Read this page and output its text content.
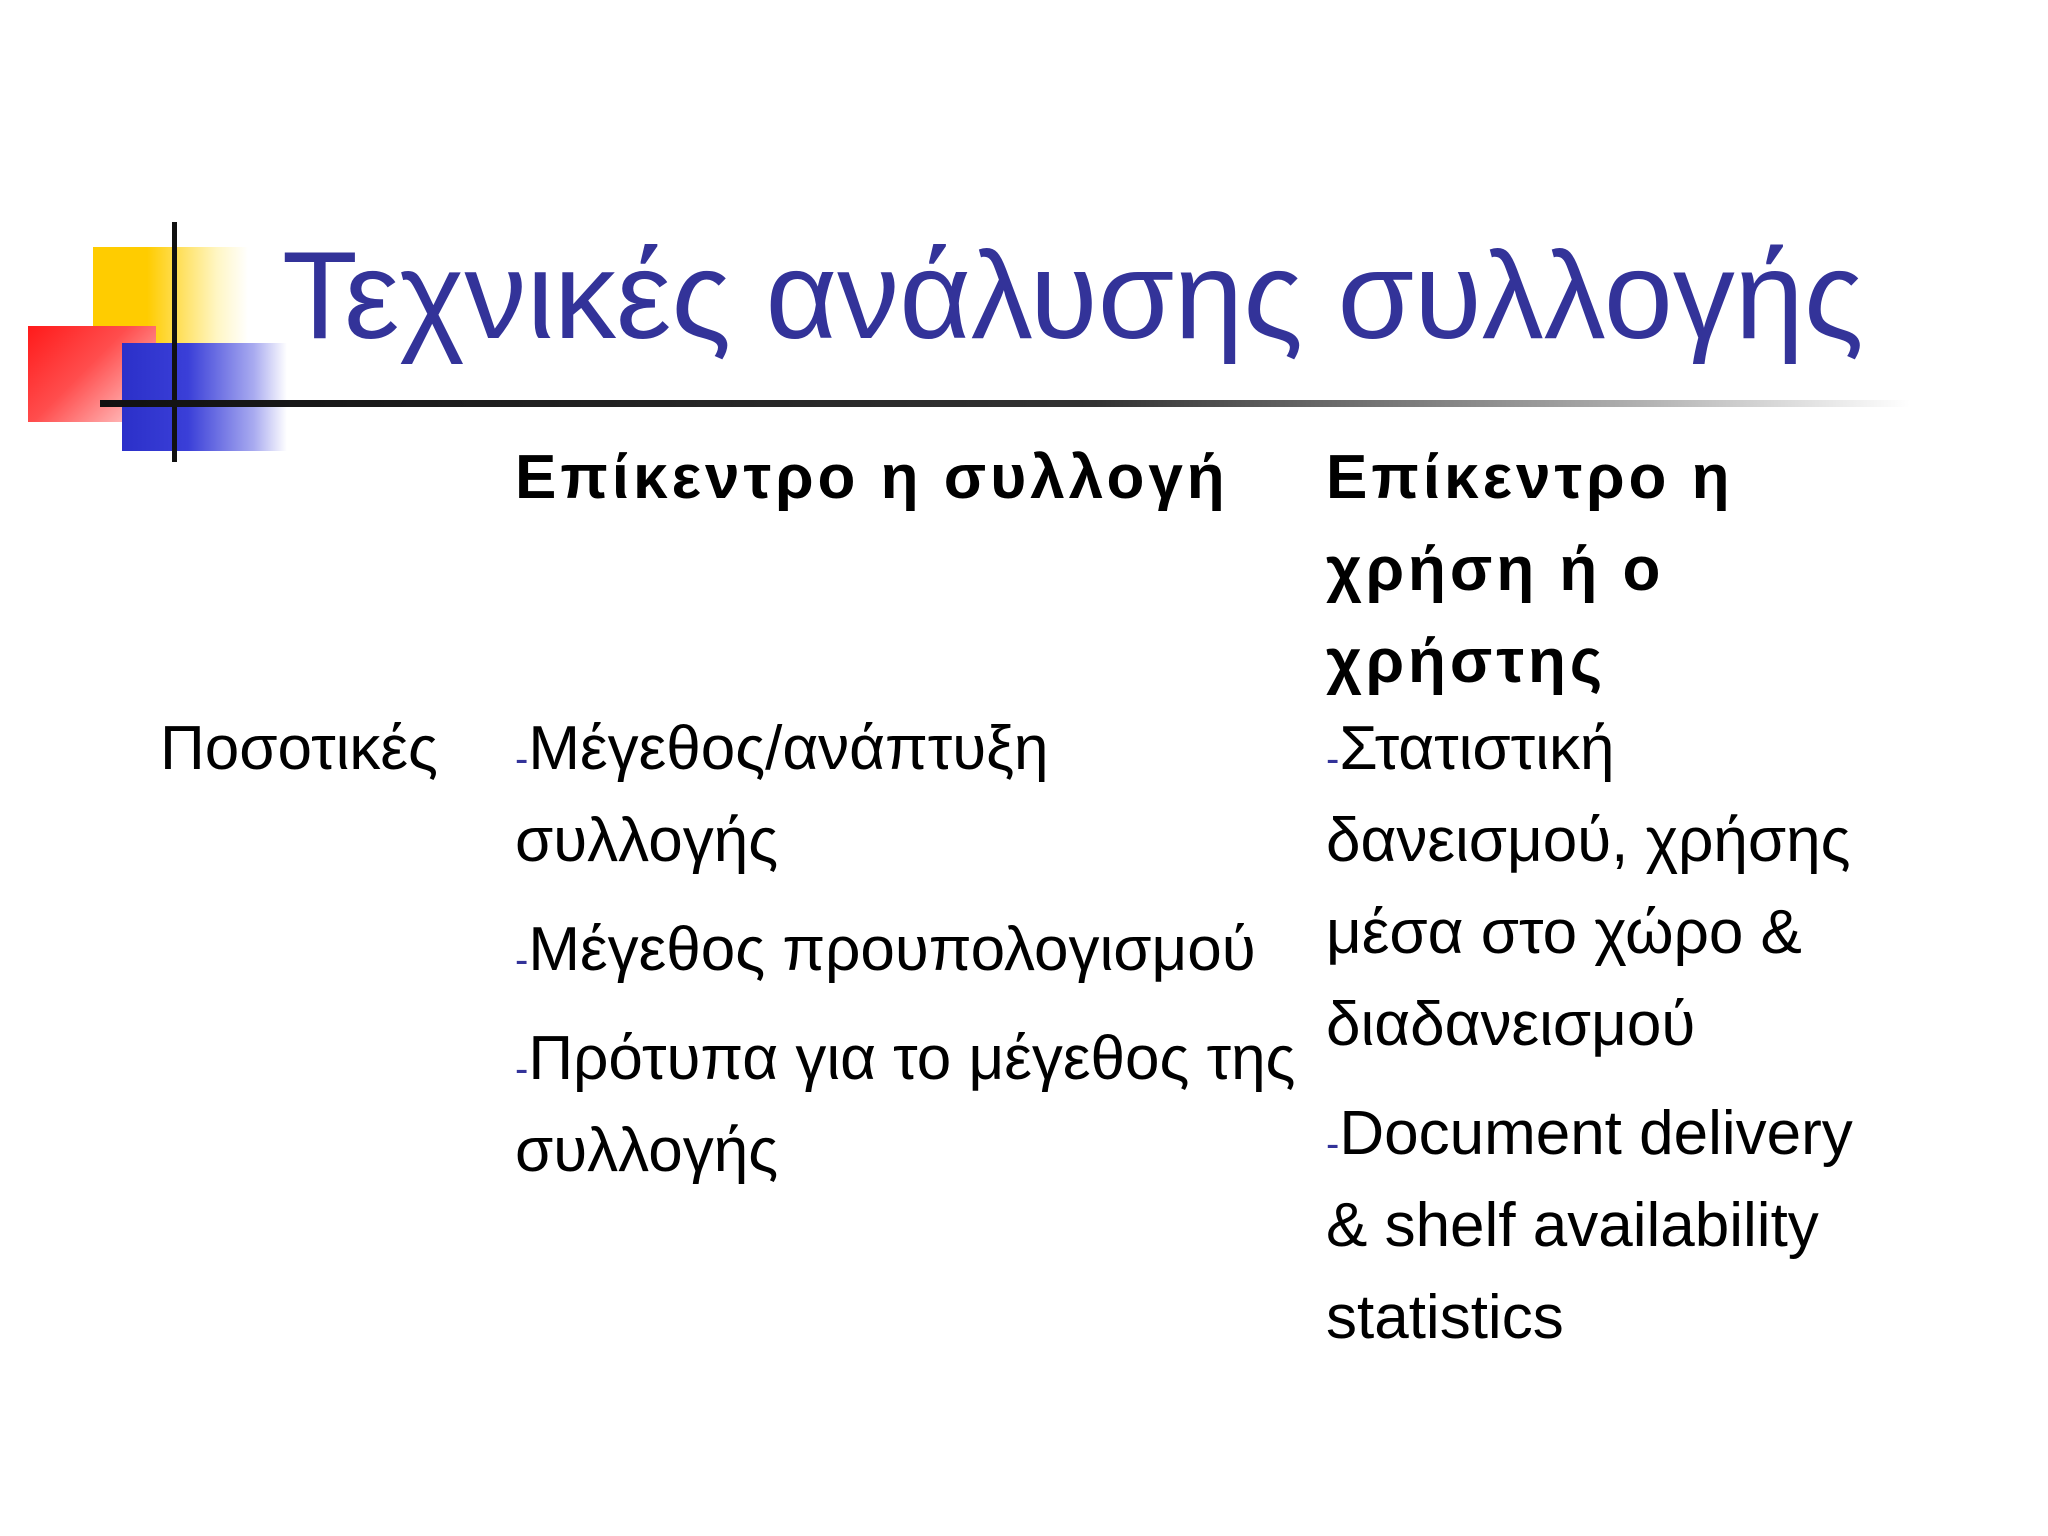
Τεχνικές ανάλυσης συλλογής
Επίκεντρο η συλλογή Επίκεντρο η χρήση ή ο χρήστης
Ποσοτικές -Μέγεθος/ανάπτυξη συλλογής
-Μέγεθος προυπολογισμού
-Πρότυπα για το μέγεθος της συλλογής
-Στατιστική δανεισμού, χρήσης μέσα στο χώρο & διαδανεισμού
-Document delivery & shelf availability statistics
